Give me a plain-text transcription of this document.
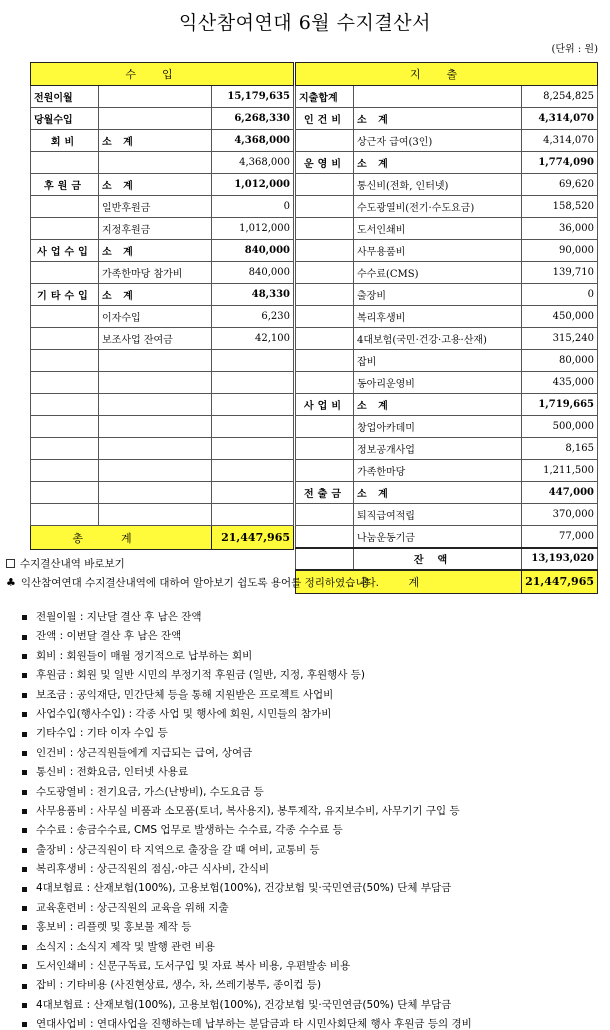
익산참여연대 6월 수지결산서
(단위 : 원)
수입		
전원이월		15,179,635
당월수입		6,268,330
회비	소 계	4,368,000
		4,368,000
후원금	소 계	1,012,000
	일반후원금	0
	지정후원금	1,012,000
사업수입	소 계	840,000
	가족한마당 참가비	840,000
기타수입	소 계	48,330
	이자수입	6,230
	보조사업 잔여금	42,100

총계		21,447,965
지출		
지출합계		8,254,825
인건비	소 계	4,314,070
	상근자 급여(3인)	4,314,070
운영비	소 계	1,774,090
	통신비(전화, 인터넷)	69,620
	수도광열비(전기·수도요금)	158,520
	도서인쇄비	36,000
	사무용품비	90,000
	수수료(CMS)	139,710
	출장비	0
	복리후생비	450,000
	4대보험(국민·건강·고용·산재)	315,240
	잡비	80,000
	동아리운영비	435,000
사업비	소 계	1,719,665
	창업아카데미	500,000
	정보공개사업	8,165
	가족한마당	1,211,500
전출금	소 계	447,000
	퇴직급여적립	370,000
	나눔운동기금	77,000
	잔액	13,193,020
총계		21,447,965
수지결산내역 바로보기
♣ 익산참여연대 수지결산내역에 대하여 알아보기 쉽도록 용어를 정리하였습니다.
전월이월 : 지난달 결산 후 남은 잔액
잔액 : 이번달 결산 후 남은 잔액
회비 : 회원들이 매월 정기적으로 납부하는 회비
후원금 : 회원 및 일반 시민의 부정기적 후원금 (일반, 지정, 후원행사 등)
보조금 : 공익재단, 민간단체 등을 통해 지원받은 프로젝트 사업비
사업수입(행사수입) : 각종 사업 및 행사에 회원, 시민들의 참가비
기타수입 : 기타 이자 수입 등
인건비 : 상근직원들에게 지급되는 급여, 상여금
통신비 : 전화요금, 인터넷 사용료
수도광열비 : 전기요금, 가스(난방비), 수도요금 등
사무용품비 : 사무실 비품과 소모품(토너, 복사용지), 봉투제작, 유지보수비, 사무기기 구입 등
수수료 : 송금수수료, CMS 업무로 발생하는 수수료, 각종 수수료 등
출장비 : 상근직원이 타 지역으로 출장을 갈 때 여비, 교통비 등
복리후생비 : 상근직원의 점심,·야근 식사비, 간식비
4대보험료 : 산재보험(100%), 고용보험(100%), 건강보험 및·국민연금(50%) 단체 부담금
교육훈련비 : 상근직원의 교육을 위해 지출
홍보비 : 리플렛 및 홍보물 제작 등
소식지 : 소식지 제작 및 발행 관련 비용
도서인쇄비 : 신문구독료, 도서구입 및 자료 복사 비용, 우편발송 비용
잡비 : 기타비용 (사진현상료, 생수, 차, 쓰레기봉투, 종이컵 등)
4대보험료 : 산재보험(100%), 고용보험(100%), 건강보험 및·국민연금(50%) 단체 부담금
연대사업비 : 연대사업을 진행하는데 납부하는 분담금과 타 시민사회단체 행사 후원금 등의 경비
